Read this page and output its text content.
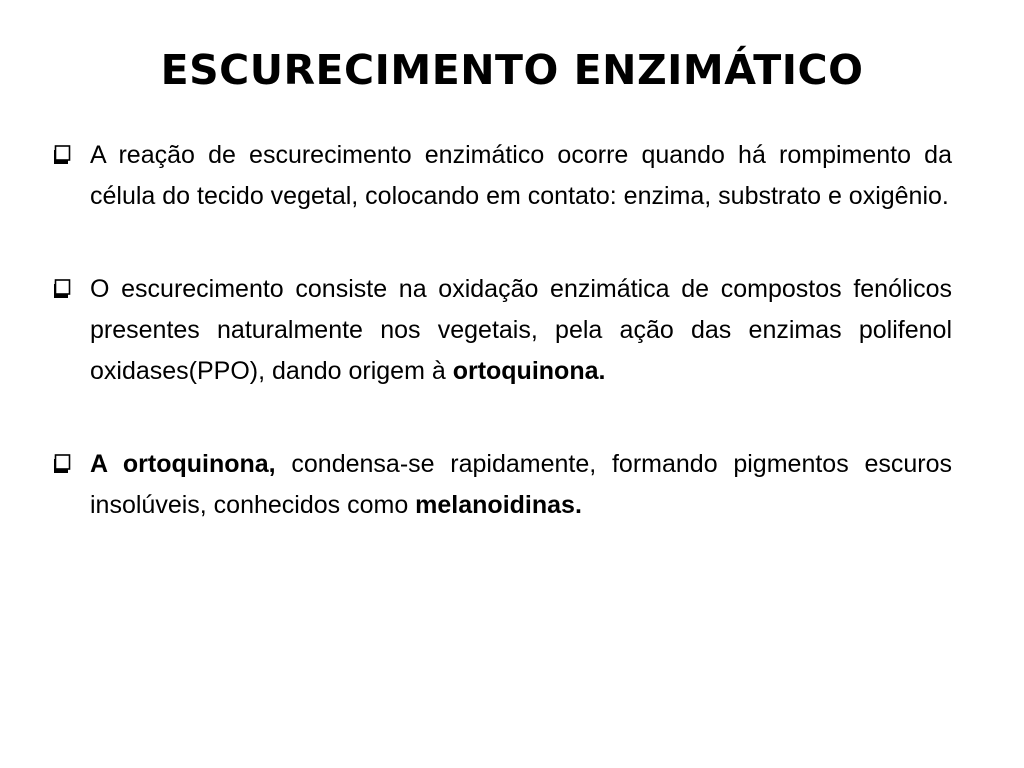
ESCURECIMENTO ENZIMÁTICO
A reação de escurecimento enzimático ocorre quando há rompimento da célula do tecido vegetal, colocando em contato: enzima, substrato e oxigênio.
O escurecimento consiste na oxidação enzimática de compostos fenólicos presentes naturalmente nos vegetais, pela ação das enzimas polifenol oxidases(PPO), dando origem à ortoquinona.
A ortoquinona, condensa-se rapidamente, formando pigmentos escuros insolúveis, conhecidos como melanoidinas.
